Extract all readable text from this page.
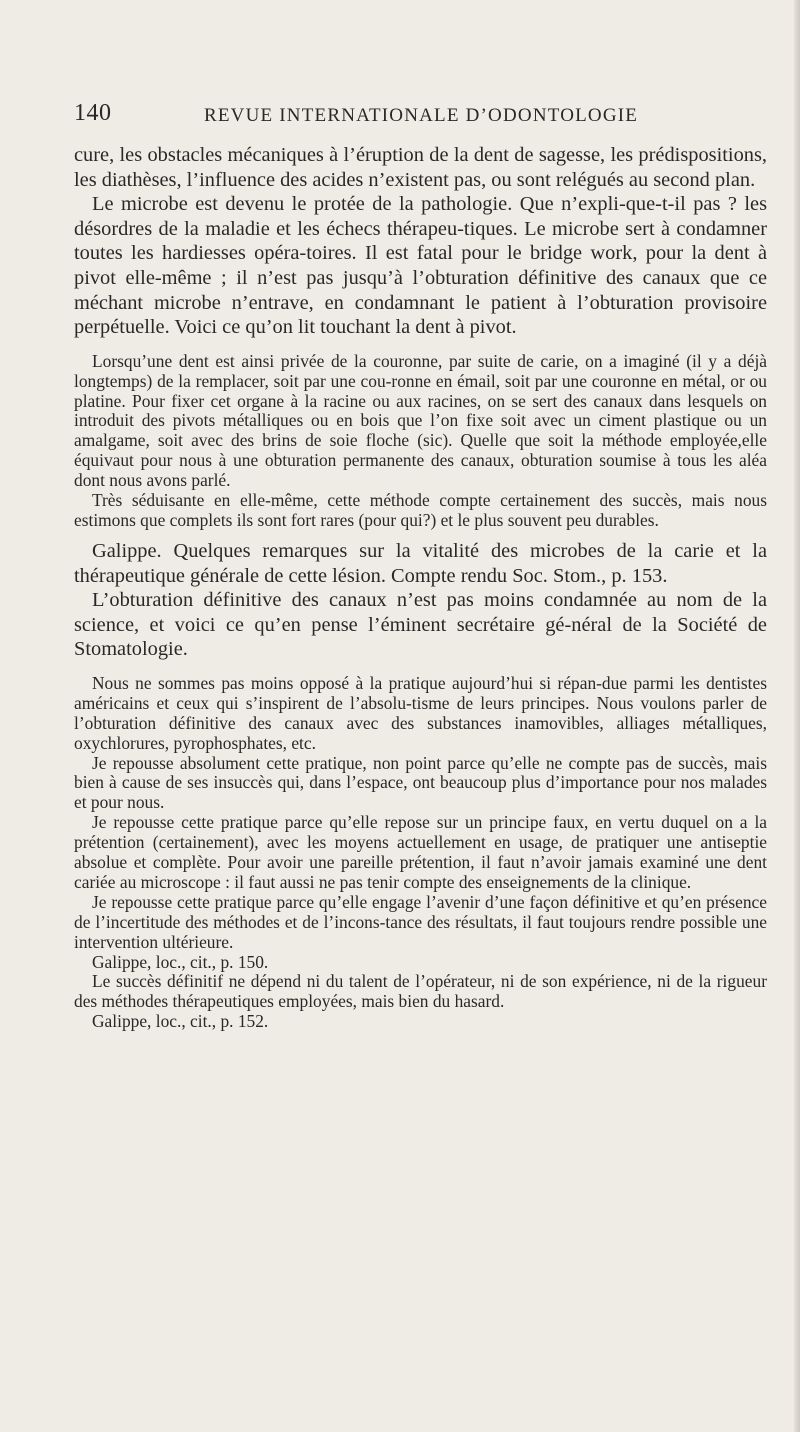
140	REVUE INTERNATIONALE D’ODONTOLOGIE

cure, les obstacles mécaniques à l’éruption de la dent de sagesse, les prédispositions, les diathèses, l’influence des acides n’existent pas, ou sont relégués au second plan.

Le microbe est devenu le protée de la pathologie. Que n’expli-que-t-il pas ? les désordres de la maladie et les échecs thérapeu-tiques. Le microbe sert à condamner toutes les hardiesses opéra-toires. Il est fatal pour le bridge work, pour la dent à pivot elle-même ; il n’est pas jusqu’à l’obturation définitive des canaux que ce méchant microbe n’entrave, en condamnant le patient à l’obturation provisoire perpétuelle. Voici ce qu’on lit touchant la dent à pivot.

Lorsqu’une dent est ainsi privée de la couronne, par suite de carie, on a imaginé (il y a déjà longtemps) de la remplacer, soit par une cou-ronne en émail, soit par une couronne en métal, or ou platine. Pour fixer cet organe à la racine ou aux racines, on se sert des canaux dans lesquels on introduit des pivots métalliques ou en bois que l’on fixe soit avec un ciment plastique ou un amalgame, soit avec des brins de soie floche (sic). Quelle que soit la méthode employée,elle équivaut pour nous à une obturation permanente des canaux, obturation soumise à tous les aléa dont nous avons parlé.

Très séduisante en elle-même, cette méthode compte certainement des succès, mais nous estimons que complets ils sont fort rares (pour qui?) et le plus souvent peu durables.

Galippe. Quelques remarques sur la vitalité des microbes de la carie et la thérapeutique générale de cette lésion. Compte rendu Soc. Stom., p. 153.

L’obturation définitive des canaux n’est pas moins condamnée au nom de la science, et voici ce qu’en pense l’éminent secrétaire gé-néral de la Société de Stomatologie.

Nous ne sommes pas moins opposé à la pratique aujourd’hui si répan-due parmi les dentistes américains et ceux qui s’inspirent de l’absolu-tisme de leurs principes. Nous voulons parler de l’obturation définitive des canaux avec des substances inamovibles, alliages métalliques, oxychlorures, pyrophosphates, etc.

Je repousse absolument cette pratique, non point parce qu’elle ne compte pas de succès, mais bien à cause de ses insuccès qui, dans l’espace, ont beaucoup plus d’importance pour nos malades et pour nous.

Je repousse cette pratique parce qu’elle repose sur un principe faux, en vertu duquel on a la prétention (certainement), avec les moyens actuellement en usage, de pratiquer une antiseptie absolue et complète. Pour avoir une pareille prétention, il faut n’avoir jamais examiné une dent cariée au microscope : il faut aussi ne pas tenir compte des enseignements de la clinique.

Je repousse cette pratique parce qu’elle engage l’avenir d’une façon définitive et qu’en présence de l’incertitude des méthodes et de l’incons-tance des résultats, il faut toujours rendre possible une intervention ultérieure.

Galippe, loc., cit., p. 150.

Le succès définitif ne dépend ni du talent de l’opérateur, ni de son expérience, ni de la rigueur des méthodes thérapeutiques employées, mais bien du hasard.

Galippe, loc., cit., p. 152.
